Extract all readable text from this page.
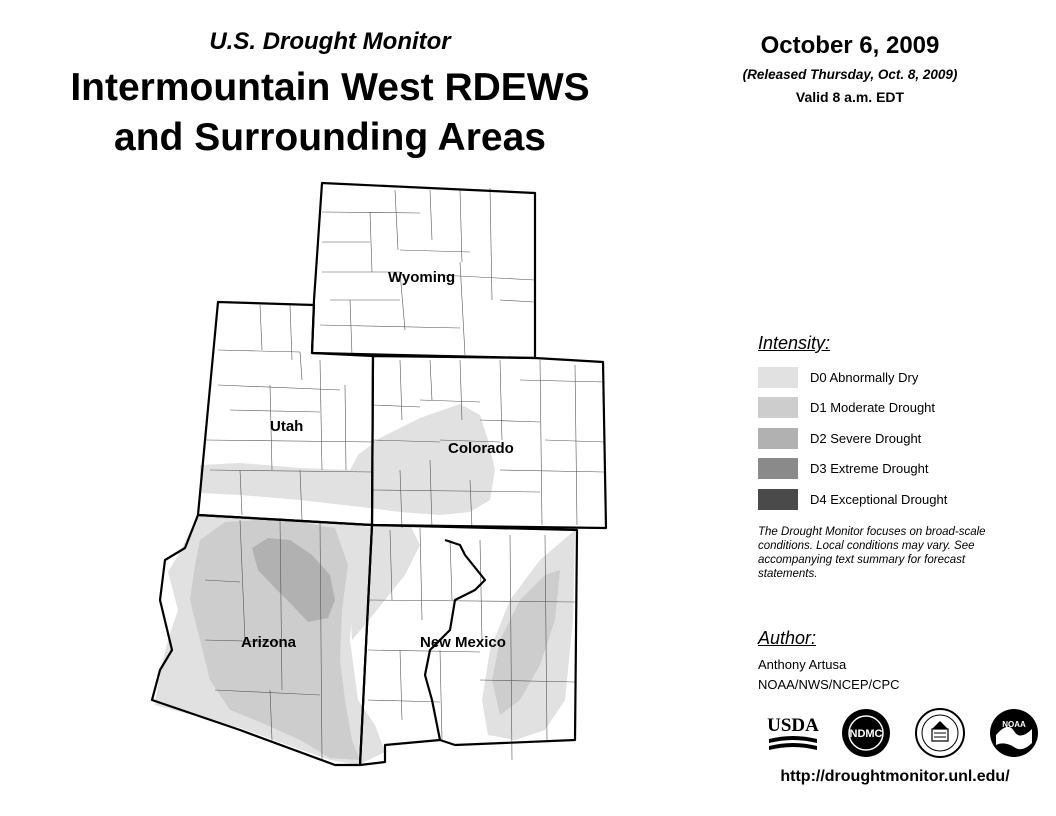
U.S. Drought Monitor
Intermountain West RDEWS
and Surrounding Areas
October 6, 2009
(Released Thursday, Oct. 8, 2009)
Valid 8 a.m. EDT
Wyoming
Utah
Colorado
Arizona	New Mexico
Intensity:
D0 Abnormally Dry
D1 Moderate Drought
D2 Severe Drought
D3 Extreme Drought
D4 Exceptional Drought
The Drought Monitor focuses on broad-scale conditions. Local conditions may vary. See accompanying text summary for forecast statements.
Author:
Anthony Artusa
NOAA/NWS/NCEP/CPC
USDA	NDMC
NOAA
http://droughtmonitor.unl.edu/
